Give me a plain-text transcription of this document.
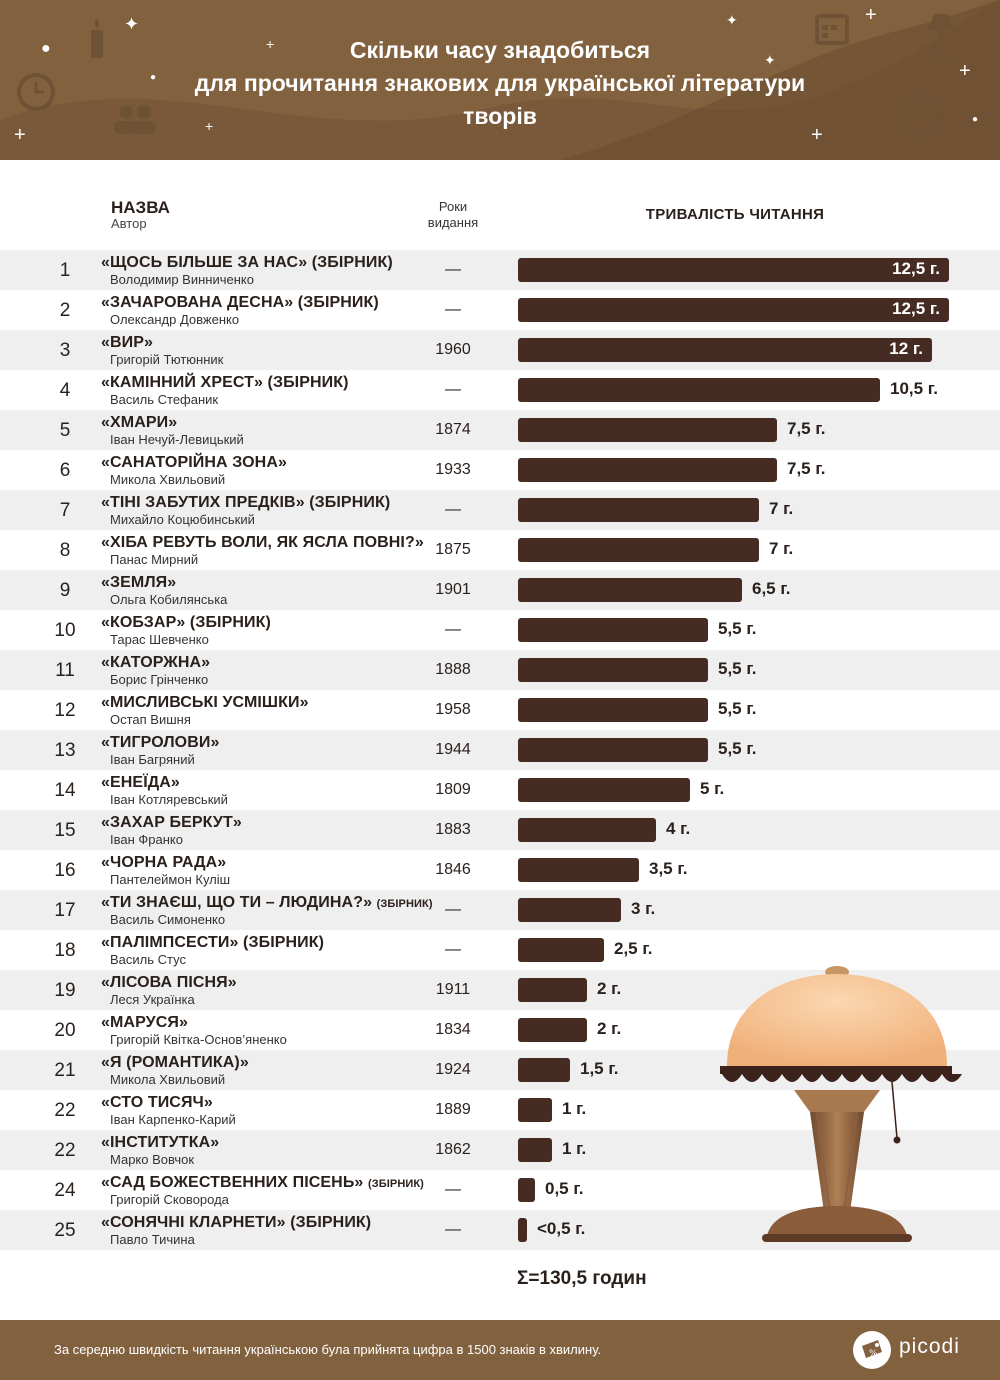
✦
+
+	+
✦
✦
+
+
+
●
●
●
Скільки часу знадобиться
для прочитання знакових для української літератури
творів
НАЗВА
Автор
Роки
видання	ТРИВАЛІСТЬ ЧИТАННЯ
1	«ЩОСЬ БІЛЬШЕ ЗА НАС» (ЗБІРНИК)
Володимир Винниченко
—	12,5 г.
2	«ЗАЧАРОВАНА ДЕСНА» (ЗБІРНИК)
Олександр Довженко
—	12,5 г.
3	«ВИР»
Григорій Тютюнник
1960	12 г.
4	«КАМІННИЙ ХРЕСТ» (ЗБІРНИК)
Василь Стефаник
—	10,5 г.
5	«ХМАРИ»
Іван Нечуй-Левицький
1874	7,5 г.
6	«САНАТОРІЙНА ЗОНА»
Микола Хвильовий
1933	7,5 г.
7	«ТІНІ ЗАБУТИХ ПРЕДКІВ» (ЗБІРНИК)
Михайло Коцюбинський
—	7 г.
8	«ХІБА РЕВУТЬ ВОЛИ, ЯК ЯСЛА ПОВНІ?»
Панас Мирний
1875	7 г.
9	«ЗЕМЛЯ»
Ольга Кобилянська
1901	6,5 г.
10	«КОБЗАР» (ЗБІРНИК)
Тарас Шевченко
—	5,5 г.
11	«КАТОРЖНА»
Борис Грінченко
1888	5,5 г.
12	«МИСЛИВСЬКІ УСМІШКИ»
Остап Вишня
1958	5,5 г.
13	«ТИГРОЛОВИ»
Іван Багряний
1944	5,5 г.
14	«ЕНЕЇДА»
Іван Котляревський
1809	5 г.
15	«ЗАХАР БЕРКУТ»
Іван Франко
1883	4 г.
16	«ЧОРНА РАДА»
Пантелеймон Куліш
1846	3,5 г.
17	«ТИ ЗНАЄШ, ЩО ТИ – ЛЮДИНА?» (ЗБІРНИК)
Василь Симоненко
—	3 г.
18	«ПАЛІМПСЕСТИ» (ЗБІРНИК)
Василь Стус
—	2,5 г.
19	«ЛІСОВА ПІСНЯ»
Леся Українка
1911	2 г.
20	«МАРУСЯ»
Григорій Квітка-Основ’яненко
1834	2 г.
21	«Я (РОМАНТИКА)»
Микола Хвильовий
1924	1,5 г.
22	«СТО ТИСЯЧ»
Іван Карпенко-Карий
1889	1 г.
22	«ІНСТИТУТКА»
Марко Вовчок
1862	1 г.
24	«САД БОЖЕСТВЕННИХ ПІСЕНЬ» (ЗБІРНИК)
Григорій Сковорода
—	0,5 г.
25	«СОНЯЧНІ КЛАРНЕТИ» (ЗБІРНИК)
Павло Тичина
—	<0,5 г.
Σ=130,5 годин
За середню швидкість читання українською була прийнята цифра в 1500 знаків в хвилину.	% picodi
